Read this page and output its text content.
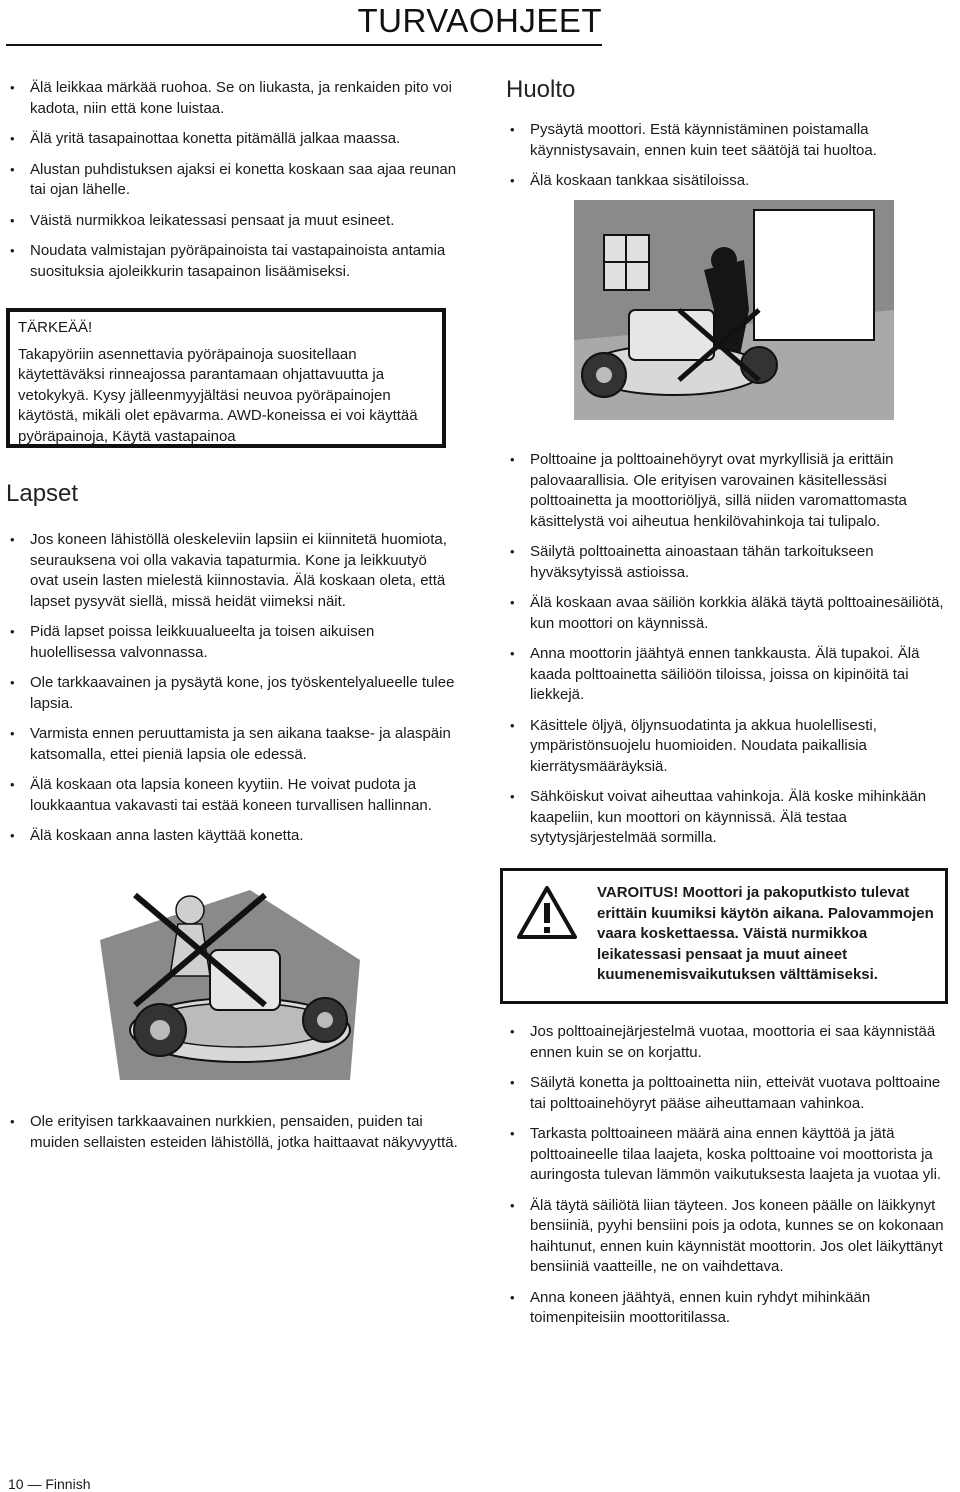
TURVAOHJEET
• Älä leikkaa märkää ruohoa. Se on liukasta, ja renkaiden pito voi kadota, niin että kone luistaa.
• Älä yritä tasapainottaa konetta pitämällä jalkaa maassa.
• Alustan puhdistuksen ajaksi ei konetta koskaan saa ajaa reunan tai ojan lähelle.
• Väistä nurmikkoa leikatessasi pensaat ja muut esineet.
• Noudata valmistajan pyöräpainoista tai vastapainoista antamia suosituksia ajoleikkurin tasapainon lisäämiseksi.
TÄRKEÄÄ!
Takapyöriin asennettavia pyöräpainoja suositellaan käytettäväksi rinneajossa parantamaan ohjattavuutta ja vetokykyä. Kysy jälleenmyyjältäsi neuvoa pyöräpainojen käytöstä, mikäli olet epävarma. AWD-koneissa ei voi käyttää pyöräpainoja, Käytä vastapainoa
Lapset
• Jos koneen lähistöllä oleskeleviin lapsiin ei kiinnitetä huomiota, seurauksena voi olla vakavia tapaturmia. Kone ja leikkuutyö ovat usein lasten mielestä kiinnostavia. Älä koskaan oleta, että lapset pysyvät siellä, missä heidät viimeksi näit.
• Pidä lapset poissa leikkuualueelta ja toisen aikuisen huolellisessa valvonnassa.
• Ole tarkkaavainen ja pysäytä kone, jos työskentelyalueelle tulee lapsia.
• Varmista ennen peruuttamista ja sen aikana taakse- ja alaspäin katsomalla, ettei pieniä lapsia ole edessä.
• Älä koskaan ota lapsia koneen kyytiin. He voivat pudota ja loukkaantua vakavasti tai estää koneen turvallisen hallinnan.
• Älä koskaan anna lasten käyttää konetta.
• Ole erityisen tarkkaavainen nurkkien, pensaiden, puiden tai muiden sellaisten esteiden lähistöllä, jotka haittaavat näkyvyyttä.
Huolto
• Pysäytä moottori. Estä käynnistäminen poistamalla käynnistysavain, ennen kuin teet säätöjä tai huoltoa.
• Älä koskaan tankkaa sisätiloissa.
• Polttoaine ja polttoainehöyryt ovat myrkyllisiä ja erittäin palovaarallisia. Ole erityisen varovainen käsitellessäsi polttoainetta ja moottoriöljyä, sillä niiden varomattomasta käsittelystä voi aiheutua henkilövahinkoja tai tulipalo.
• Säilytä polttoainetta ainoastaan tähän tarkoitukseen hyväksytyissä astioissa.
• Älä koskaan avaa säiliön korkkia äläkä täytä polttoainesäiliötä, kun moottori on käynnissä.
• Anna moottorin jäähtyä ennen tankkausta. Älä tupakoi. Älä kaada polttoainetta säiliöön tiloissa, joissa on kipinöitä tai liekkejä.
• Käsittele öljyä, öljynsuodatinta ja akkua huolellisesti, ympäristönsuojelu huomioiden. Noudata paikallisia kierrätysmääräyksiä.
• Sähköiskut voivat aiheuttaa vahinkoja. Älä koske mihinkään kaapeliin, kun moottori on käynnissä. Älä testaa sytytysjärjestelmää sormilla.
VAROITUS! Moottori ja pakoputkisto tulevat erittäin kuumiksi käytön aikana. Palovammojen vaara koskettaessa. Väistä nurmikkoa leikatessasi pensaat ja muut aineet kuumenemisvaikutuksen välttämiseksi.
• Jos polttoainejärjestelmä vuotaa, moottoria ei saa käynnistää ennen kuin se on korjattu.
• Säilytä konetta ja polttoainetta niin, etteivät vuotava polttoaine tai polttoainehöyryt pääse aiheuttamaan vahinkoa.
• Tarkasta polttoaineen määrä aina ennen käyttöä ja jätä polttoaineelle tilaa laajeta, koska polttoaine voi moottorista ja auringosta tulevan lämmön vaikutuksesta laajeta ja vuotaa yli.
• Älä täytä säiliötä liian täyteen. Jos koneen päälle on läikkynyt bensiiniä, pyyhi bensiini pois ja odota, kunnes se on kokonaan haihtunut, ennen kuin käynnistät moottorin. Jos olet läikyttänyt bensiiniä vaatteille, ne on vaihdettava.
• Anna koneen jäähtyä, ennen kuin ryhdyt mihinkään toimenpiteisiin moottoritilassa.
10 — Finnish
